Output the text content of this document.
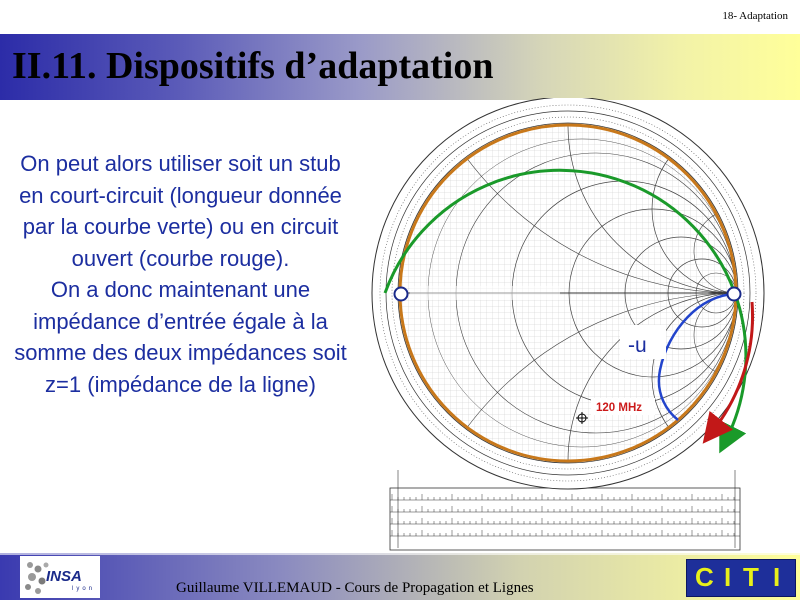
18- Adaptation
II.11. Dispositifs d’adaptation

On peut alors utiliser soit un stub en court-circuit (longueur donnée par la courbe verte) ou en circuit ouvert (courbe rouge).

On a donc maintenant une impédance d’entrée égale à la somme des deux impédances soit z=1 (impédance de la ligne)

-u
120 MHz
INSA
lyon	Guillaume VILLEMAUD - Cours de Propagation et Lignes	C I T I
